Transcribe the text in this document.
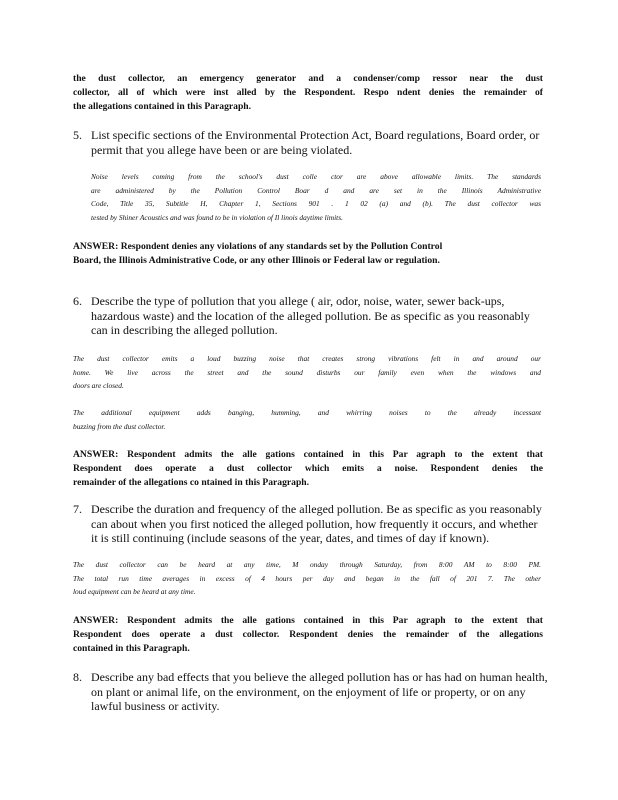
the dust collector, an emergency generator and a condenser/comp ressor near the dust
collector, all of which were inst alled by the Respondent. Respo ndent denies the remainder of
the allegations contained in this Paragraph.
5. List specific sections of the Environmental Protection Act, Board regulations, Board order, or
permit that you allege have been or are being violated.
Noise levels coming from the school's dust colle ctor are above allowable limits. The standards
are administered by the Pollution Control Boar d and are set in the Illinois Administrative
Code, Title 35, Subtitle H, Chapter 1, Sections 901 . 1 02 (a) and (b). The dust collector was
tested by Shiner Acoustics and was found to be in violation of Il linois daytime limits.
ANSWER: Respondent denies any violations of any standards set by the Pollution Control
Board, the Illinois Administrative Code, or any other Illinois or Federal law or regulation.
6. Describe the type of pollution that you allege ( air, odor, noise, water, sewer back-ups,
hazardous waste) and the location of the alleged pollution. Be as specific as you reasonably
can in describing the alleged pollution.
The dust collector emits a loud buzzing noise that creates strong vibrations felt in and around our
home. We live across the street and the sound disturbs our family even when the windows and
doors are closed.
The additional equipment adds banging, humming, and whirring noises to the already incessant
buzzing from the dust collector.
ANSWER: Respondent admits the alle gations contained in this Par agraph to the extent that
Respondent does operate a dust collector which emits a noise. Respondent denies the
remainder of the allegations co ntained in this Paragraph.
7. Describe the duration and frequency of the alleged pollution. Be as specific as you reasonably
can about when you first noticed the alleged pollution, how frequently it occurs, and whether
it is still continuing (include seasons of the year, dates, and times of day if known).
The dust collector can be heard at any time, M onday through Saturday, from 8:00 AM to 8:00 PM.
The total run time averages in excess of 4 hours per day and began in the fall of 201 7. The other
loud equipment can be heard at any time.
ANSWER: Respondent admits the alle gations contained in this Par agraph to the extent that
Respondent does operate a dust collector. Respondent denies the remainder of the allegations
contained in this Paragraph.
8. Describe any bad effects that you believe the alleged pollution has or has had on human health,
on plant or animal life, on the environment, on the enjoyment of life or property, or on any
lawful business or activity.
